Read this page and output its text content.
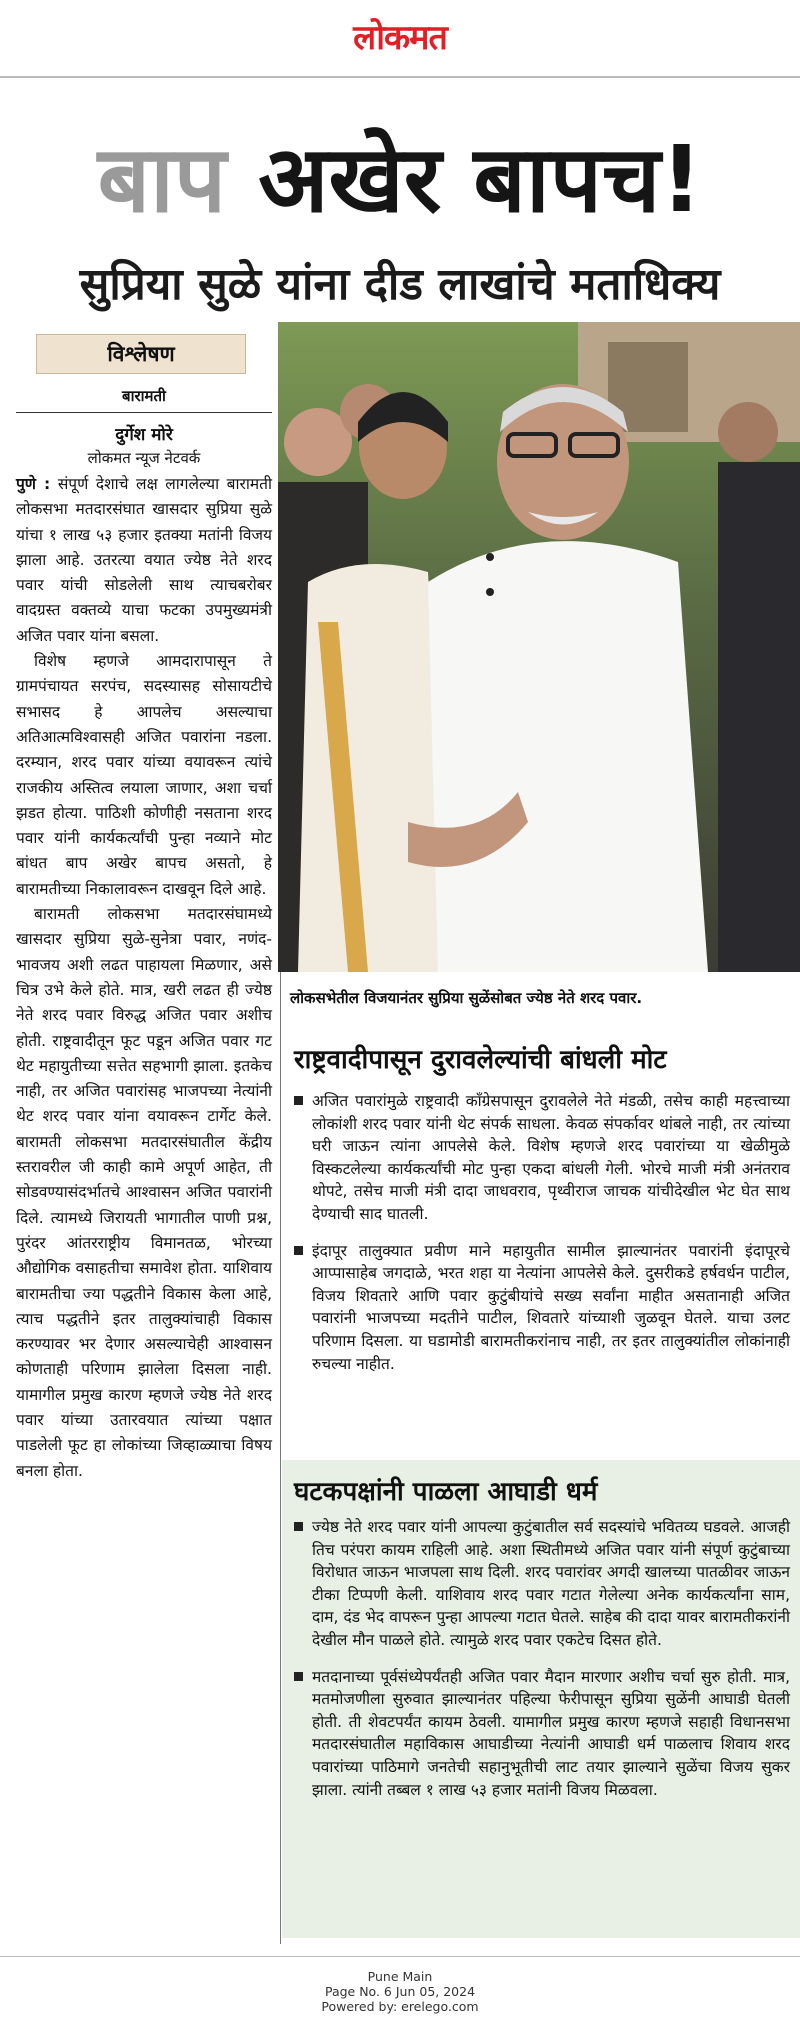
लोकमत
बाप अखेर बापच!
सुप्रिया सुळे यांना दीड लाखांचे मताधिक्य
विश्लेषण
बारामती
दुर्गेश मोरे
लोकमत न्यूज नेटवर्क

पुणे : संपूर्ण देशाचे लक्ष लागलेल्या बारामती लोकसभा मतदारसंघात खासदार सुप्रिया सुळे यांचा १ लाख ५३ हजार इतक्या मतांनी विजय झाला आहे. उतरत्या वयात ज्येष्ठ नेते शरद पवार यांची सोडलेली साथ त्याचबरोबर वादग्रस्त वक्तव्ये याचा फटका उपमुख्यमंत्री अजित पवार यांना बसला.

विशेष म्हणजे आमदारापासून ते ग्रामपंचायत सरपंच, सदस्यासह सोसायटीचे सभासद हे आपलेच असल्याचा अतिआत्मविश्वासही अजित पवारांना नडला. दरम्यान, शरद पवार यांच्या वयावरून त्यांचे राजकीय अस्तित्व लयाला जाणार, अशा चर्चा झडत होत्या. पाठिशी कोणीही नसताना शरद पवार यांनी कार्यकर्त्यांची पुन्हा नव्याने मोट बांधत बाप अखेर बापच असतो, हे बारामतीच्या निकालावरून दाखवून दिले आहे.

बारामती लोकसभा मतदारसंघामध्ये खासदार सुप्रिया सुळे-सुनेत्रा पवार, नणंद-भावजय अशी लढत पाहायला मिळणार, असे चित्र उभे केले होते. मात्र, खरी लढत ही ज्येष्ठ नेते शरद पवार विरुद्ध अजित पवार अशीच होती. राष्ट्रवादीतून फूट पडून अजित पवार गट थेट महायुतीच्या सत्तेत सहभागी झाला. इतकेच नाही, तर अजित पवारांसह भाजपच्या नेत्यांनी थेट शरद पवार यांना वयावरून टार्गेट केले. बारामती लोकसभा मतदारसंघातील केंद्रीय स्तरावरील जी काही कामे अपूर्ण आहेत, ती सोडवण्यासंदर्भातचे आश्वासन अजित पवारांनी दिले. त्यामध्ये जिरायती भागातील पाणी प्रश्न, पुरंदर आंतरराष्ट्रीय विमानतळ, भोरच्या औद्योगिक वसाहतीचा समावेश होता. याशिवाय बारामतीचा ज्या पद्धतीने विकास केला आहे, त्याच पद्धतीने इतर तालुक्यांचाही विकास करण्यावर भर देणार असल्याचेही आश्वासन कोणताही परिणाम झालेला दिसला नाही. यामागील प्रमुख कारण म्हणजे ज्येष्ठ नेते शरद पवार यांच्या उतारवयात त्यांच्या पक्षात पाडलेली फूट हा लोकांच्या जिव्हाळ्याचा विषय बनला होता.

लोकसभेतील विजयानंतर सुप्रिया सुळेंसोबत ज्येष्ठ नेते शरद पवार.
राष्ट्रवादीपासून दुरावलेल्यांची बांधली मोट
अजित पवारांमुळे राष्ट्रवादी काँग्रेसपासून दुरावलेले नेते मंडळी, तसेच काही महत्त्वाच्या लोकांशी शरद पवार यांनी थेट संपर्क साधला. केवळ संपर्कावर थांबले नाही, तर त्यांच्या घरी जाऊन त्यांना आपलेसे केले. विशेष म्हणजे शरद पवारांच्या या खेळीमुळे विस्कटलेल्या कार्यकर्त्यांची मोट पुन्हा एकदा बांधली गेली. भोरचे माजी मंत्री अनंतराव थोपटे, तसेच माजी मंत्री दादा जाधवराव, पृथ्वीराज जाचक यांचीदेखील भेट घेत साथ देण्याची साद घातली.
इंदापूर तालुक्यात प्रवीण माने महायुतीत सामील झाल्यानंतर पवारांनी इंदापूरचे आप्पासाहेब जगदाळे, भरत शहा या नेत्यांना आपलेसे केले. दुसरीकडे हर्षवर्धन पाटील, विजय शिवतारे आणि पवार कुटुंबीयांचे सख्य सर्वांना माहीत असतानाही अजित पवारांनी भाजपच्या मदतीने पाटील, शिवतारे यांच्याशी जुळवून घेतले. याचा उलट परिणाम दिसला. या घडामोडी बारामतीकरांनाच नाही, तर इतर तालुक्यांतील लोकांनाही रुचल्या नाहीत.
घटकपक्षांनी पाळला आघाडी धर्म
ज्येष्ठ नेते शरद पवार यांनी आपल्या कुटुंबातील सर्व सदस्यांचे भवितव्य घडवले. आजही तिच परंपरा कायम राहिली आहे. अशा स्थितीमध्ये अजित पवार यांनी संपूर्ण कुटुंबाच्या विरोधात जाऊन भाजपला साथ दिली. शरद पवारांवर अगदी खालच्या पातळीवर जाऊन टीका टिप्पणी केली. याशिवाय शरद पवार गटात गेलेल्या अनेक कार्यकर्त्यांना साम, दाम, दंड भेद वापरून पुन्हा आपल्या गटात घेतले. साहेब की दादा यावर बारामतीकरांनी देखील मौन पाळले होते. त्यामुळे शरद पवार एकटेच दिसत होते.
मतदानाच्या पूर्वसंध्येपर्यंतही अजित पवार मैदान मारणार अशीच चर्चा सुरु होती. मात्र, मतमोजणीला सुरुवात झाल्यानंतर पहिल्या फेरीपासून सुप्रिया सुळेंनी आघाडी घेतली होती. ती शेवटपर्यंत कायम ठेवली. यामागील प्रमुख कारण म्हणजे सहाही विधानसभा मतदारसंघातील महाविकास आघाडीच्या नेत्यांनी आघाडी धर्म पाळलाच शिवाय शरद पवारांच्या पाठिमागे जनतेची सहानुभूतीची लाट तयार झाल्याने सुळेंचा विजय सुकर झाला. त्यांनी तब्बल १ लाख ५३ हजार मतांनी विजय मिळवला.
Pune Main
Page No. 6 Jun 05, 2024
Powered by: erelego.com
